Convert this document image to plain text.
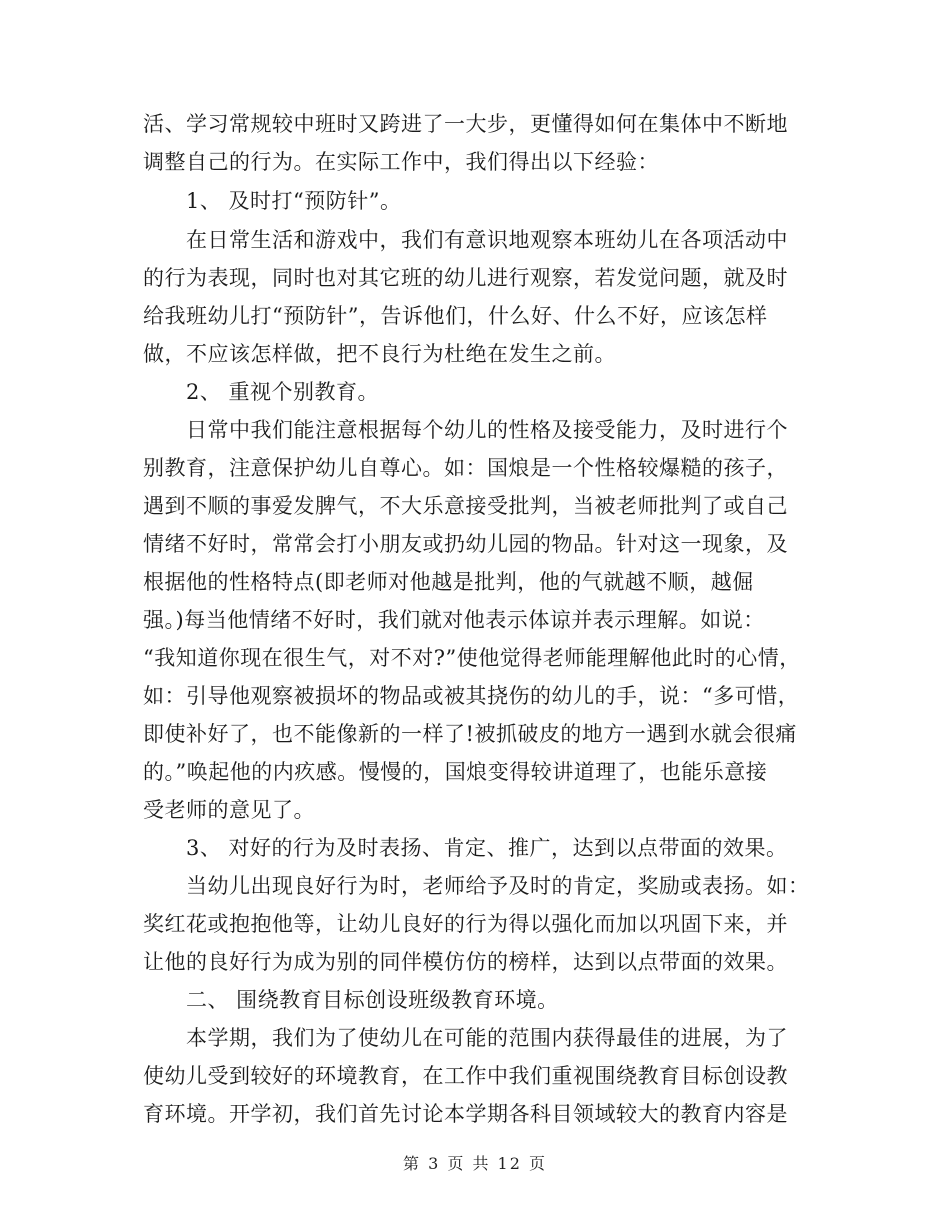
活、学习常规较中班时又跨进了一大步，更懂得如何在集体中不断地
调整自己的行为。在实际工作中，我们得出以下经验：
1、 及时打“预防针”。
在日常生活和游戏中，我们有意识地观察本班幼儿在各项活动中
的行为表现，同时也对其它班的幼儿进行观察，若发觉问题，就及时
给我班幼儿打“预防针”，告诉他们，什么好、什么不好，应该怎样
做，不应该怎样做，把不良行为杜绝在发生之前。
2、 重视个别教育。
日常中我们能注意根据每个幼儿的性格及接受能力，及时进行个
别教育，注意保护幼儿自尊心。如：国烺是一个性格较爆糙的孩子，
遇到不顺的事爱发脾气，不大乐意接受批判，当被老师批判了或自己
情绪不好时，常常会打小朋友或扔幼儿园的物品。针对这一现象，及
根据他的性格特点(即老师对他越是批判，他的气就越不顺，越倔
强。)每当他情绪不好时，我们就对他表示体谅并表示理解。如说：
“我知道你现在很生气，对不对?”使他觉得老师能理解他此时的心情，
如：引导他观察被损坏的物品或被其挠伤的幼儿的手，说：“多可惜，
即使补好了，也不能像新的一样了!被抓破皮的地方一遇到水就会很痛
的。”唤起他的内疚感。慢慢的，国烺变得较讲道理了，也能乐意接
受老师的意见了。
3、 对好的行为及时表扬、肯定、推广，达到以点带面的效果。
当幼儿出现良好行为时，老师给予及时的肯定，奖励或表扬。如：
奖红花或抱抱他等，让幼儿良好的行为得以强化而加以巩固下来，并
让他的良好行为成为别的同伴模仿仿的榜样，达到以点带面的效果。
二、 围绕教育目标创设班级教育环境。
本学期，我们为了使幼儿在可能的范围内获得最佳的进展，为了
使幼儿受到较好的环境教育，在工作中我们重视围绕教育目标创设教
育环境。开学初，我们首先讨论本学期各科目领域较大的教育内容是
第 3 页 共 12 页
